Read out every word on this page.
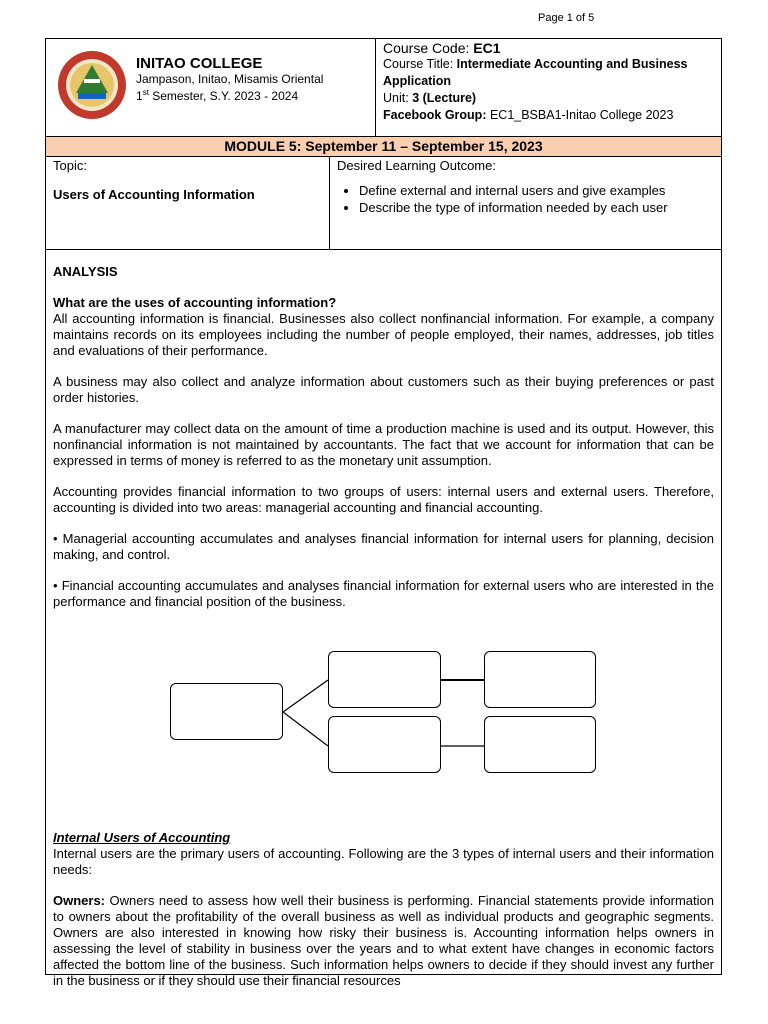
Page 1 of 5
INITAO COLLEGE
Jampason, Initao, Misamis Oriental
1st Semester, S.Y. 2023 - 2024
Course Code: EC1
Course Title: Intermediate Accounting and Business Application
Unit: 3 (Lecture)
Facebook Group: EC1_BSBA1-Initao College 2023
MODULE 5: September 11 – September 15, 2023
Topic:
Users of Accounting Information
Desired Learning Outcome:
• Define external and internal users and give examples
• Describe the type of information needed by each user

ANALYSIS

What are the uses of accounting information?

All accounting information is financial. Businesses also collect nonfinancial information. For example, a company maintains records on its employees including the number of people employed, their names, addresses, job titles and evaluations of their performance.

A business may also collect and analyze information about customers such as their buying preferences or past order histories.

A manufacturer may collect data on the amount of time a production machine is used and its output. However, this nonfinancial information is not maintained by accountants. The fact that we account for information that can be expressed in terms of money is referred to as the monetary unit assumption.

Accounting provides financial information to two groups of users: internal users and external users. Therefore, accounting is divided into two areas: managerial accounting and financial accounting.

• Managerial accounting accumulates and analyses financial information for internal users for planning, decision making, and control.

• Financial accounting accumulates and analyses financial information for external users who are interested in the performance and financial position of the business.

Internal Users of Accounting

Internal users are the primary users of accounting. Following are the 3 types of internal users and their information needs:

Owners: Owners need to assess how well their business is performing. Financial statements provide information to owners about the profitability of the overall business as well as individual products and geographic segments. Owners are also interested in knowing how risky their business is. Accounting information helps owners in assessing the level of stability in business over the years and to what extent have changes in economic factors affected the bottom line of the business. Such information helps owners to decide if they should invest any further in the business or if they should use their financial resources
